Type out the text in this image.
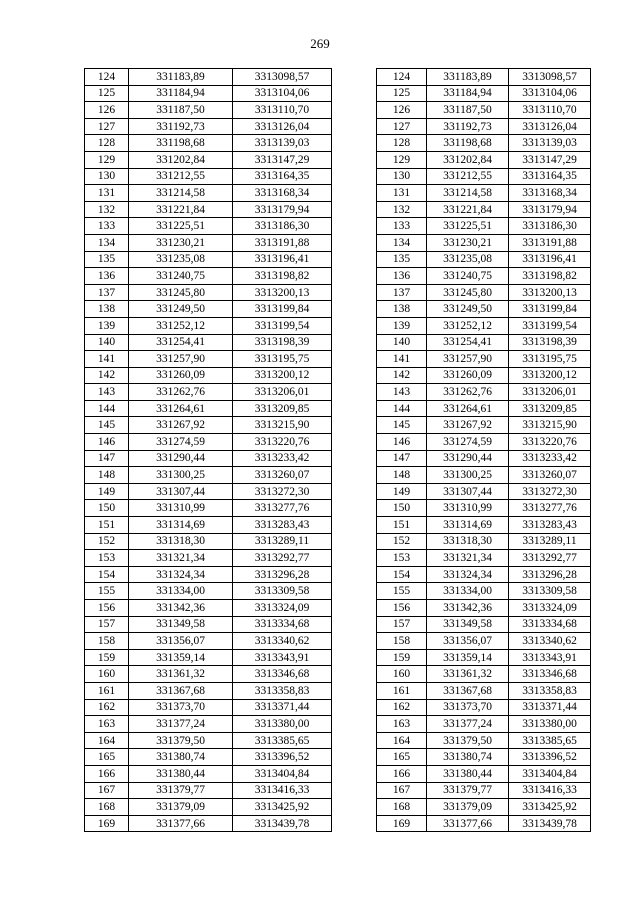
269
124	331183,89	3313098,57
125	331184,94	3313104,06
126	331187,50	3313110,70
127	331192,73	3313126,04
128	331198,68	3313139,03
129	331202,84	3313147,29
130	331212,55	3313164,35
131	331214,58	3313168,34
132	331221,84	3313179,94
133	331225,51	3313186,30
134	331230,21	3313191,88
135	331235,08	3313196,41
136	331240,75	3313198,82
137	331245,80	3313200,13
138	331249,50	3313199,84
139	331252,12	3313199,54
140	331254,41	3313198,39
141	331257,90	3313195,75
142	331260,09	3313200,12
143	331262,76	3313206,01
144	331264,61	3313209,85
145	331267,92	3313215,90
146	331274,59	3313220,76
147	331290,44	3313233,42
148	331300,25	3313260,07
149	331307,44	3313272,30
150	331310,99	3313277,76
151	331314,69	3313283,43
152	331318,30	3313289,11
153	331321,34	3313292,77
154	331324,34	3313296,28
155	331334,00	3313309,58
156	331342,36	3313324,09
157	331349,58	3313334,68
158	331356,07	3313340,62
159	331359,14	3313343,91
160	331361,32	3313346,68
161	331367,68	3313358,83
162	331373,70	3313371,44
163	331377,24	3313380,00
164	331379,50	3313385,65
165	331380,74	3313396,52
166	331380,44	3313404,84
167	331379,77	3313416,33
168	331379,09	3313425,92
169	331377,66	3313439,78
124	331183,89	3313098,57
125	331184,94	3313104,06
126	331187,50	3313110,70
127	331192,73	3313126,04
128	331198,68	3313139,03
129	331202,84	3313147,29
130	331212,55	3313164,35
131	331214,58	3313168,34
132	331221,84	3313179,94
133	331225,51	3313186,30
134	331230,21	3313191,88
135	331235,08	3313196,41
136	331240,75	3313198,82
137	331245,80	3313200,13
138	331249,50	3313199,84
139	331252,12	3313199,54
140	331254,41	3313198,39
141	331257,90	3313195,75
142	331260,09	3313200,12
143	331262,76	3313206,01
144	331264,61	3313209,85
145	331267,92	3313215,90
146	331274,59	3313220,76
147	331290,44	3313233,42
148	331300,25	3313260,07
149	331307,44	3313272,30
150	331310,99	3313277,76
151	331314,69	3313283,43
152	331318,30	3313289,11
153	331321,34	3313292,77
154	331324,34	3313296,28
155	331334,00	3313309,58
156	331342,36	3313324,09
157	331349,58	3313334,68
158	331356,07	3313340,62
159	331359,14	3313343,91
160	331361,32	3313346,68
161	331367,68	3313358,83
162	331373,70	3313371,44
163	331377,24	3313380,00
164	331379,50	3313385,65
165	331380,74	3313396,52
166	331380,44	3313404,84
167	331379,77	3313416,33
168	331379,09	3313425,92
169	331377,66	3313439,78
